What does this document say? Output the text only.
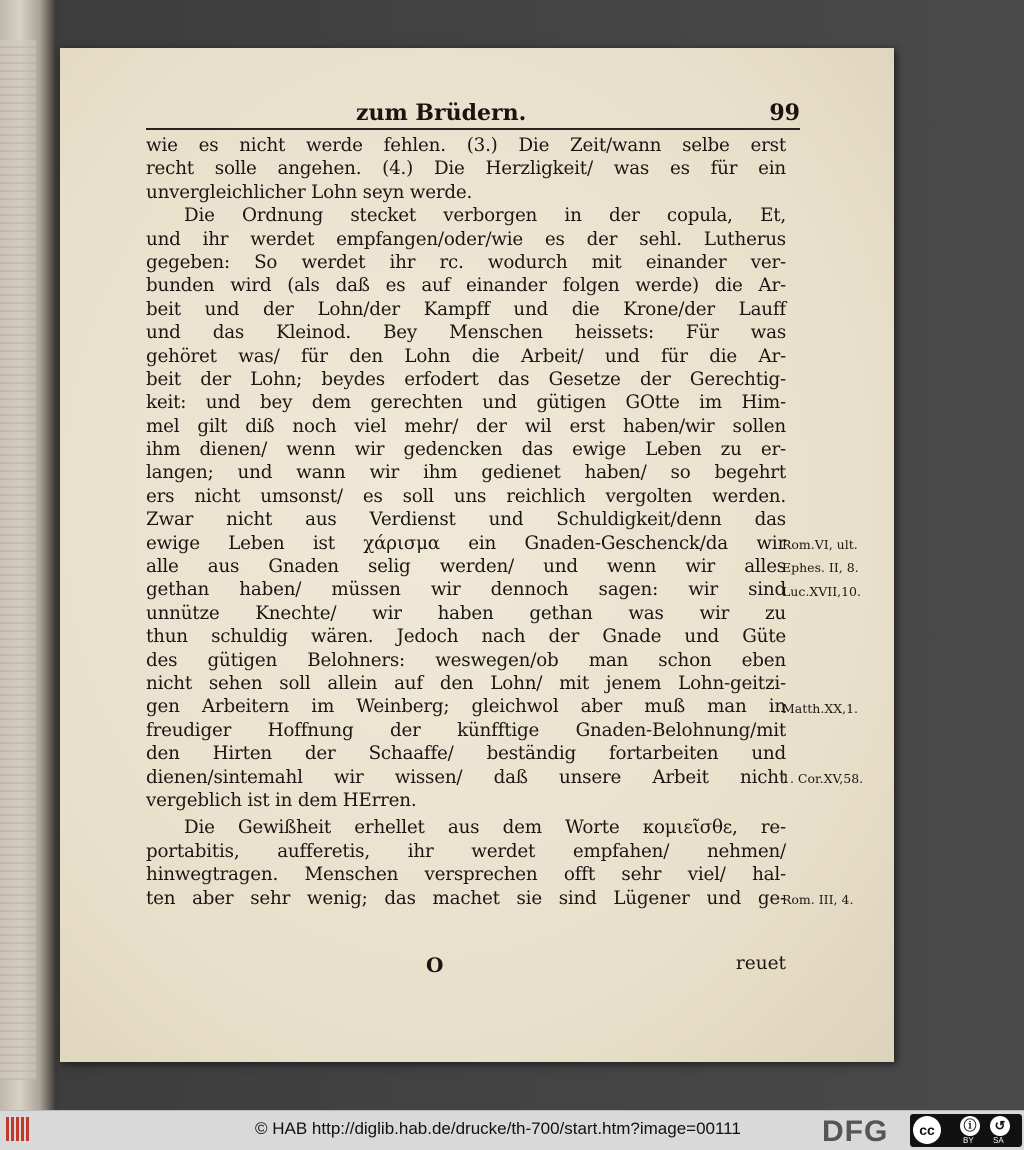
zum Brüdern.	99
wie es nicht werde fehlen. (3.) Die Zeit/wann selbe erst
recht solle angehen. (4.) Die Herzligkeit/ was es für ein
unvergleichlicher Lohn seyn werde.
Die Ordnung stecket verborgen in der copula, Et,
und ihr werdet empfangen/oder/wie es der sehl. Lutherus
gegeben: So werdet ihr rc. wodurch mit einander ver-
bunden wird (als daß es auf einander folgen werde) die Ar-
beit und der Lohn/der Kampff und die Krone/der Lauff
und das Kleinod. Bey Menschen heissets: Für was
gehöret was/ für den Lohn die Arbeit/ und für die Ar-
beit der Lohn; beydes erfodert das Gesetze der Gerechtig-
keit: und bey dem gerechten und gütigen GOtte im Him-
mel gilt diß noch viel mehr/ der wil erst haben/wir sollen
ihm dienen/ wenn wir gedencken das ewige Leben zu er-
langen; und wann wir ihm gedienet haben/ so begehrt
ers nicht umsonst/ es soll uns reichlich vergolten werden.
Zwar nicht aus Verdienst und Schuldigkeit/denn das
ewige Leben ist χάρισμα ein Gnaden-Geschenck/da wir
alle aus Gnaden selig werden/ und wenn wir alles
gethan haben/ müssen wir dennoch sagen: wir sind
unnütze Knechte/ wir haben gethan was wir zu
thun schuldig wären. Jedoch nach der Gnade und Güte
des gütigen Belohners: weswegen/ob man schon eben
nicht sehen soll allein auf den Lohn/ mit jenem Lohn-geitzi-
gen Arbeitern im Weinberg; gleichwol aber muß man in
freudiger Hoffnung der künfftige Gnaden-Belohnung/mit
den Hirten der Schaaffe/ beständig fortarbeiten und
dienen/sintemahl wir wissen/ daß unsere Arbeit nicht
vergeblich ist in dem HErren.
Die Gewißheit erhellet aus dem Worte κομιεῖσθε, re-
portabitis, aufferetis, ihr werdet empfahen/ nehmen/
hinwegtragen. Menschen versprechen offt sehr viel/ hal-
ten aber sehr wenig; das machet sie sind Lügener und ge-
Rom.VI, ult.
Ephes. II, 8.
Luc.XVII,10.
Matth.XX,1.
1. Cor.XV,58.
Rom. III, 4.
O	reuet
© HAB http://diglib.hab.de/drucke/th-700/start.htm?image=00111	DFG	cc	ⓘ	↺
BY SA
